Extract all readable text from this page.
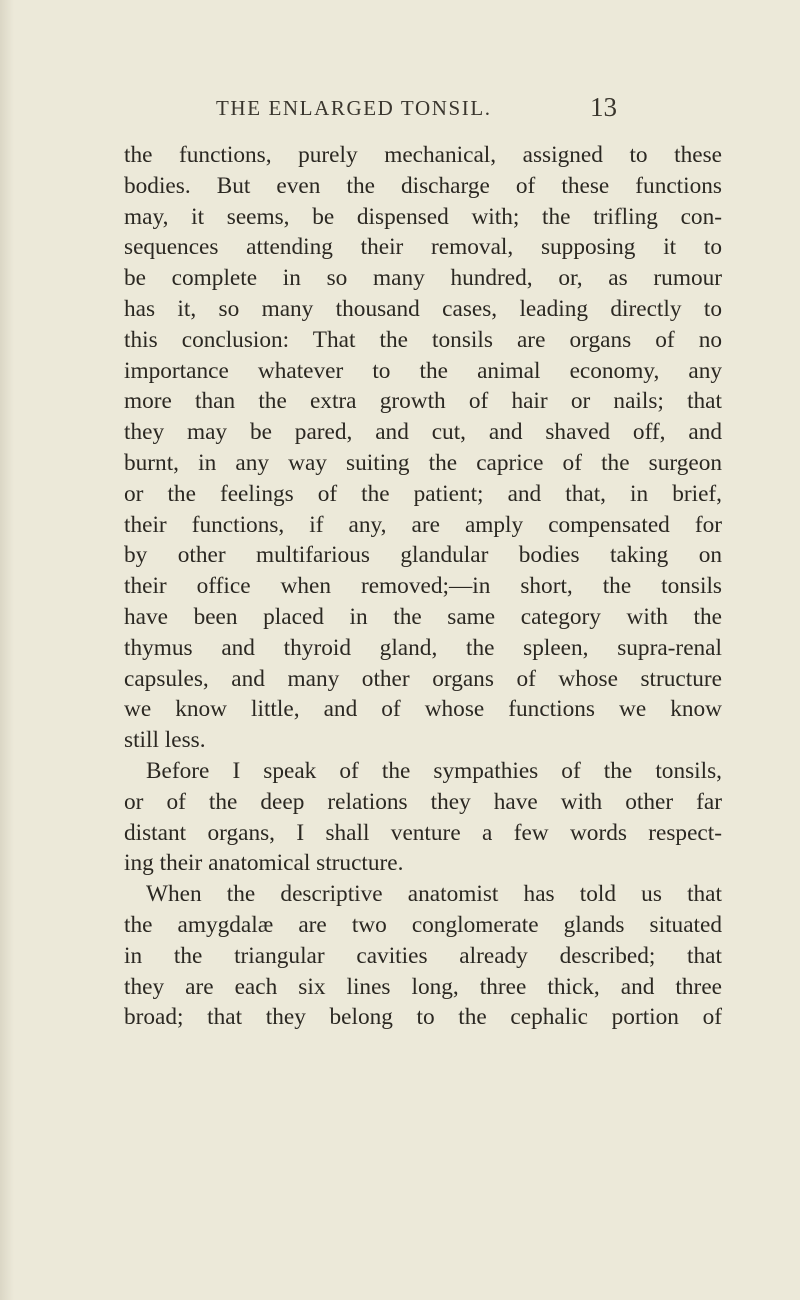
THE ENLARGED TONSIL.	13
the functions, purely mechanical, assigned to these
bodies. But even the discharge of these functions
may, it seems, be dispensed with; the trifling con-
sequences attending their removal, supposing it to
be complete in so many hundred, or, as rumour
has it, so many thousand cases, leading directly to
this conclusion: That the tonsils are organs of no
importance whatever to the animal economy, any
more than the extra growth of hair or nails; that
they may be pared, and cut, and shaved off, and
burnt, in any way suiting the caprice of the surgeon
or the feelings of the patient; and that, in brief,
their functions, if any, are amply compensated for
by other multifarious glandular bodies taking on
their office when removed;—in short, the tonsils
have been placed in the same category with the
thymus and thyroid gland, the spleen, supra-renal
capsules, and many other organs of whose structure
we know little, and of whose functions we know
still less.
Before I speak of the sympathies of the tonsils,
or of the deep relations they have with other far
distant organs, I shall venture a few words respect-
ing their anatomical structure.
When the descriptive anatomist has told us that
the amygdalæ are two conglomerate glands situated
in the triangular cavities already described; that
they are each six lines long, three thick, and three
broad; that they belong to the cephalic portion of
